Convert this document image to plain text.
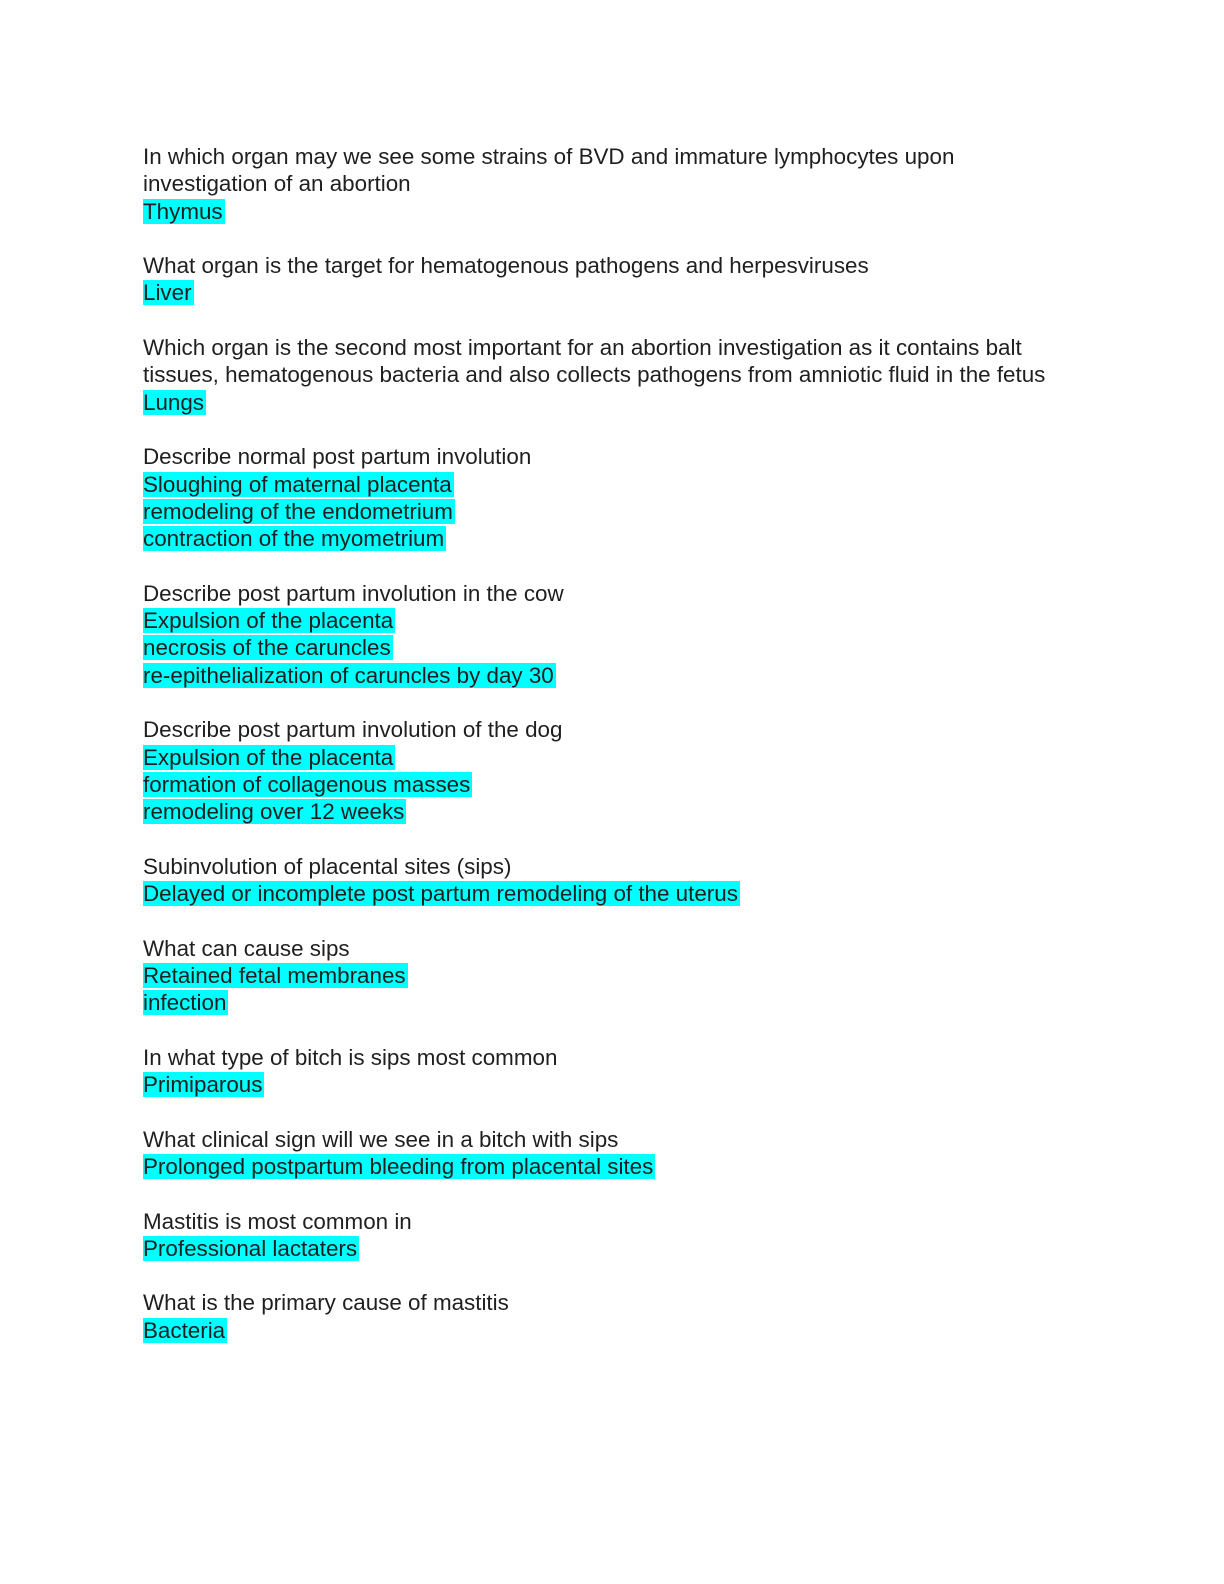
In which organ may we see some strains of BVD and immature lymphocytes upon investigation of an abortion
Thymus
What organ is the target for hematogenous pathogens and herpesviruses
Liver
Which organ is the second most important for an abortion investigation as it contains balt tissues, hematogenous bacteria and also collects pathogens from amniotic fluid in the fetus
Lungs
Describe normal post partum involution
Sloughing of maternal placenta
remodeling of the endometrium
contraction of the myometrium
Describe post partum involution in the cow
Expulsion of the placenta
necrosis of the caruncles
re-epithelialization of caruncles by day 30
Describe post partum involution of the dog
Expulsion of the placenta
formation of collagenous masses
remodeling over 12 weeks
Subinvolution of placental sites (sips)
Delayed or incomplete post partum remodeling of the uterus
What can cause sips
Retained fetal membranes
infection
In what type of bitch is sips most common
Primiparous
What clinical sign will we see in a bitch with sips
Prolonged postpartum bleeding from placental sites
Mastitis is most common in
Professional lactaters
What is the primary cause of mastitis
Bacteria
